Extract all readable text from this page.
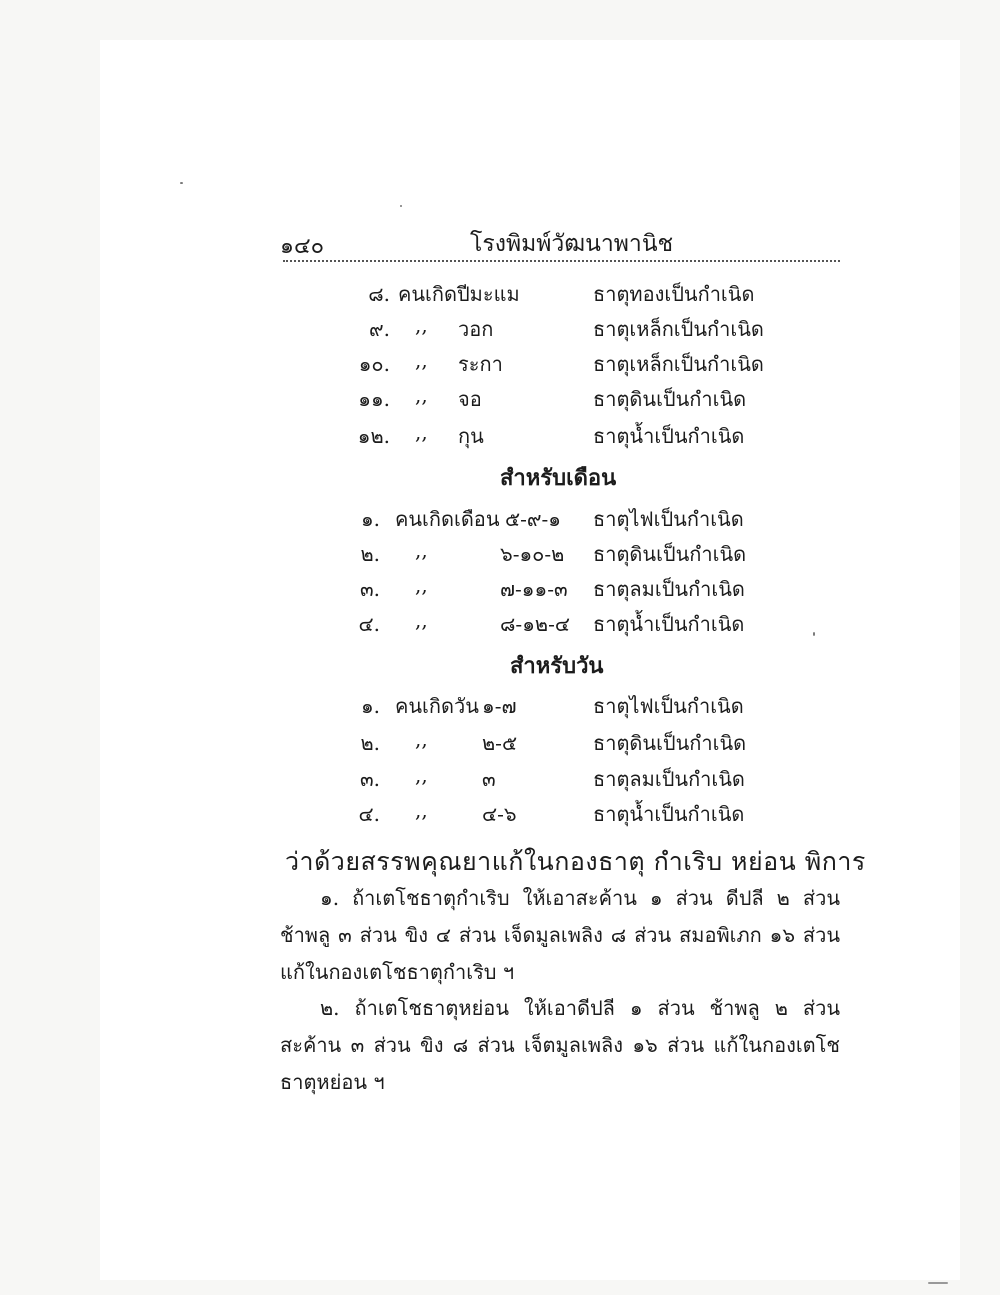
๑๔๐	โรงพิมพ์วัฒนาพานิช
๘. คนเกิดปีมะแม	ธาตุทองเป็นกำเนิด
๙. ,, วอก	ธาตุเหล็กเป็นกำเนิด
๑๐. ,, ระกา	ธาตุเหล็กเป็นกำเนิด
๑๑. ,, จอ	ธาตุดินเป็นกำเนิด
๑๒. ,, กุน	ธาตุน้ำเป็นกำเนิด
สำหรับเดือน
๑. คนเกิดเดือน ๕-๙-๑ ธาตุไฟเป็นกำเนิด
๒. ,,	๖-๑๐-๒ ธาตุดินเป็นกำเนิด
๓. ,,	๗-๑๑-๓ ธาตุลมเป็นกำเนิด
๔. ,,	๘-๑๒-๔ ธาตุน้ำเป็นกำเนิด
สำหรับวัน
๑. คนเกิดวัน ๑-๗	ธาตุไฟเป็นกำเนิด
๒. ,,	๒-๕	ธาตุดินเป็นกำเนิด
๓. ,,	๓	ธาตุลมเป็นกำเนิด
๔. ,,	๔-๖	ธาตุน้ำเป็นกำเนิด
ว่าด้วยสรรพคุณยาแก้ในกองธาตุ กำเริบ หย่อน พิการ
๑. ถ้าเตโชธาตุกำเริบ ให้เอาสะค้าน ๑ ส่วน ดีปลี ๒ ส่วน
ช้าพลู ๓ ส่วน ขิง ๔ ส่วน เจ็ดมูลเพลิง ๘ ส่วน สมอพิเภก ๑๖ ส่วน
แก้ในกองเตโชธาตุกำเริบ ฯ
๒. ถ้าเตโชธาตุหย่อน ให้เอาดีปลี ๑ ส่วน ช้าพลู ๒ ส่วน
สะค้าน ๓ ส่วน ขิง ๘ ส่วน เจ็ตมูลเพลิง ๑๖ ส่วน แก้ในกองเตโช
ธาตุหย่อน ฯ
